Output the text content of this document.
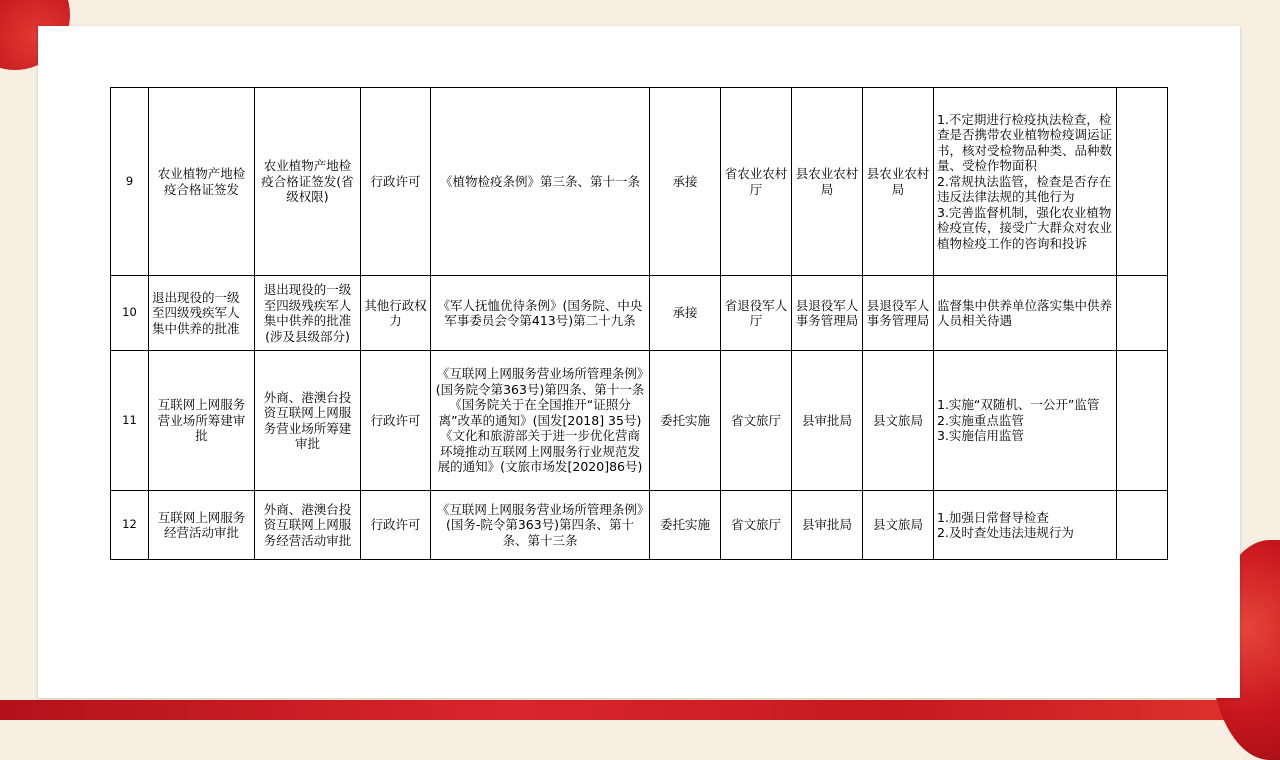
9	农业植物产地检疫合格证签发	农业植物产地检疫合格证签发(省级权限)	行政许可	《植物检疫条例》第三条、第十一条	承接	省农业农村厅	县农业农村局	县农业农村局	1.不定期进行检疫执法检查，检查是否携带农业植物检疫调运证书，核对受检物品种类、品种数量、受检作物面积
2.常规执法监管，检查是否存在违反法律法规的其他行为
3.完善监督机制，强化农业植物检疫宣传，接受广大群众对农业植物检疫工作的咨询和投诉	
10	退出现役的一级至四级残疾军人集中供养的批准	退出现役的一级至四级残疾军人集中供养的批准(涉及县级部分)	其他行政权力	《军人抚恤优待条例》(国务院、中央军事委员会令第413号)第二十九条	承接	省退役军人厅	县退役军人事务管理局	县退役军人事务管理局	监督集中供养单位落实集中供养人员相关待遇	
11	互联网上网服务营业场所筹建审批	外商、港澳台投资互联网上网服务营业场所筹建审批	行政许可	《互联网上网服务营业场所管理条例》(国务院令第363号)第四条、第十一条《国务院关于在全国推开“证照分离”改革的通知》(国发[2018] 35号)《文化和旅游部关于进一步优化营商环境推动互联网上网服务行业规范发展的通知》(文旅市场发[2020]86号)	委托实施	省文旅厅	县审批局	县文旅局	1.实施“双随机、一公开”监管
2.实施重点监管
3.实施信用监管	
12	互联网上网服务经营活动审批	外商、港澳台投资互联网上网服务经营活动审批	行政许可	《互联网上网服务营业场所管理条例》(国务-院令第363号)第四条、第十条、第十三条	委托实施	省文旅厅	县审批局	县文旅局	1.加强日常督导检查
2.及时查处违法违规行为	
